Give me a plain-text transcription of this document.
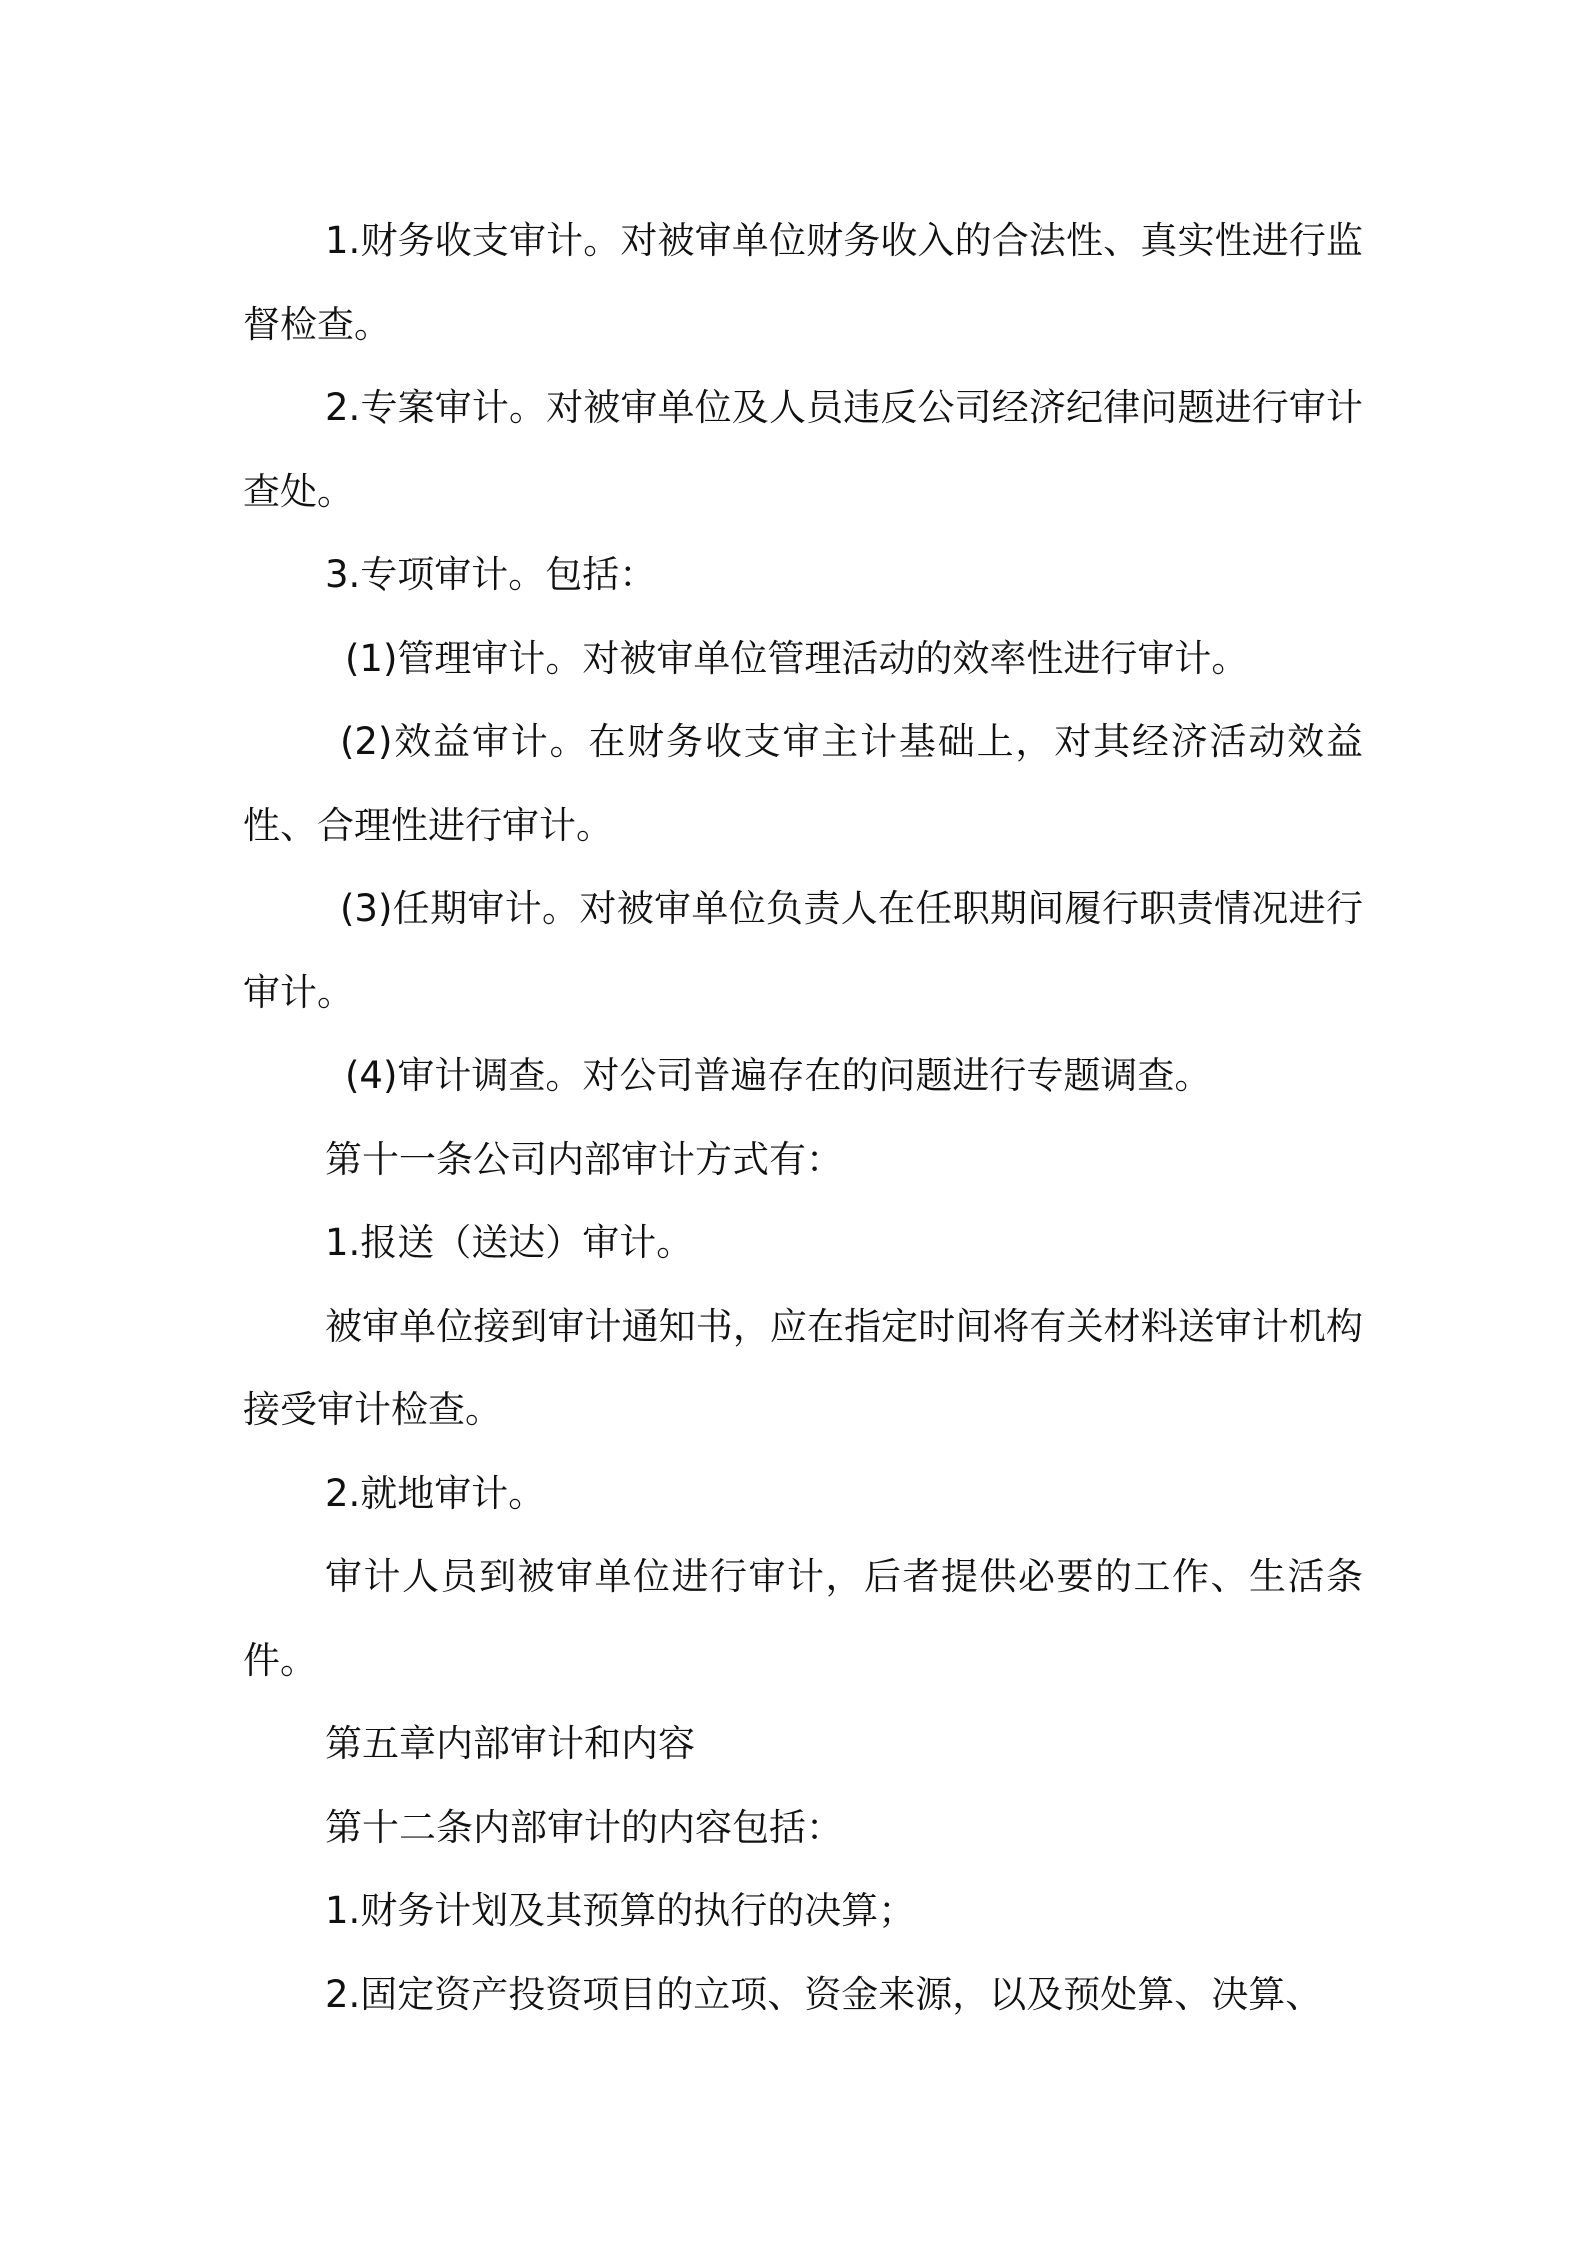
1.财务收支审计。对被审单位财务收入的合法性、真实性进行监督检查。

2.专案审计。对被审单位及人员违反公司经济纪律问题进行审计查处。

3.专项审计。包括：

(1)管理审计。对被审单位管理活动的效率性进行审计。

(2)效益审计。在财务收支审主计基础上，对其经济活动效益性、合理性进行审计。

(3)任期审计。对被审单位负责人在任职期间履行职责情况进行审计。

(4)审计调查。对公司普遍存在的问题进行专题调查。

第十一条公司内部审计方式有：

1.报送（送达）审计。

被审单位接到审计通知书，应在指定时间将有关材料送审计机构接受审计检查。

2.就地审计。

审计人员到被审单位进行审计，后者提供必要的工作、生活条件。

第五章内部审计和内容

第十二条内部审计的内容包括：

1.财务计划及其预算的执行的决算；

2.固定资产投资项目的立项、资金来源，以及预处算、决算、
